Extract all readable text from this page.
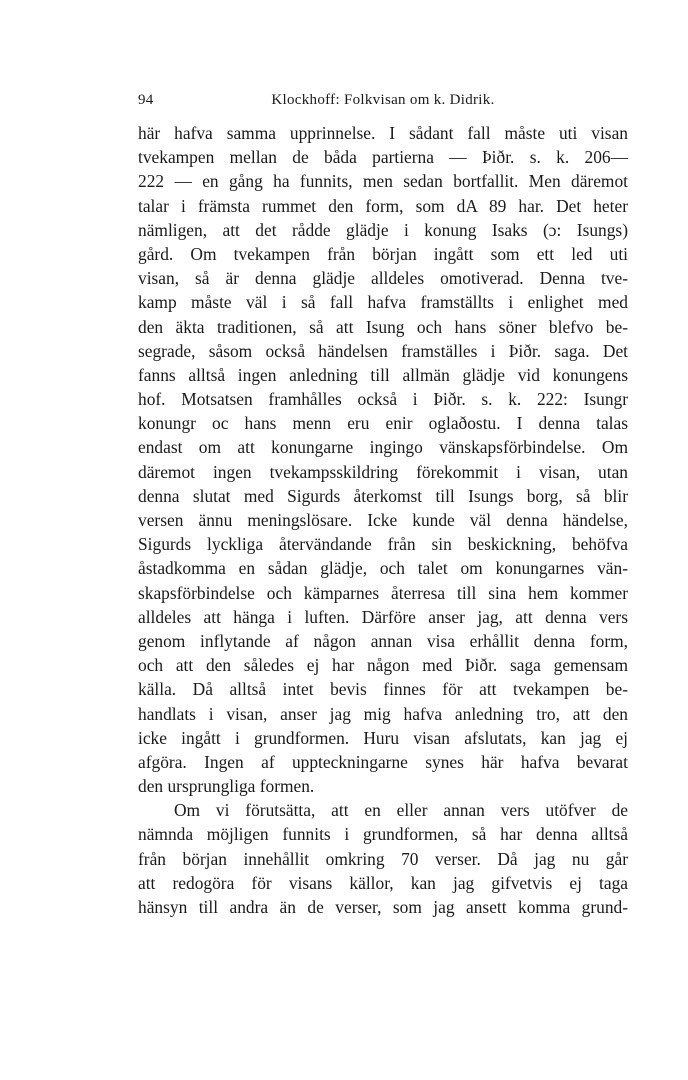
94	Klockhoff: Folkvisan om k. Didrik.
här hafva samma upprinnelse. I sådant fall måste uti visan
tvekampen mellan de båda partierna — Þiðr. s. k. 206—
222 — en gång ha funnits, men sedan bortfallit. Men däremot
talar i främsta rummet den form, som dA 89 har. Det heter
nämligen, att det rådde glädje i konung Isaks (ɔ: Isungs)
gård. Om tvekampen från början ingått som ett led uti
visan, så är denna glädje alldeles omotiverad. Denna tve-
kamp måste väl i så fall hafva framställts i enlighet med
den äkta traditionen, så att Isung och hans söner blefvo be-
segrade, såsom också händelsen framställes i Þiðr. saga. Det
fanns alltså ingen anledning till allmän glädje vid konungens
hof. Motsatsen framhålles också i Þiðr. s. k. 222: Isungr
konungr oc hans menn eru enir oglaðostu. I denna talas
endast om att konungarne ingingo vänskapsförbindelse. Om
däremot ingen tvekampsskildring förekommit i visan, utan
denna slutat med Sigurds återkomst till Isungs borg, så blir
versen ännu meningslösare. Icke kunde väl denna händelse,
Sigurds lyckliga återvändande från sin beskickning, behöfva
åstadkomma en sådan glädje, och talet om konungarnes vän-
skapsförbindelse och kämparnes återresa till sina hem kommer
alldeles att hänga i luften. Därföre anser jag, att denna vers
genom inflytande af någon annan visa erhållit denna form,
och att den således ej har någon med Þiðr. saga gemensam
källa. Då alltså intet bevis finnes för att tvekampen be-
handlats i visan, anser jag mig hafva anledning tro, att den
icke ingått i grundformen. Huru visan afslutats, kan jag ej
afgöra. Ingen af uppteckningarne synes här hafva bevarat
den ursprungliga formen.
Om vi förutsätta, att en eller annan vers utöfver de
nämnda möjligen funnits i grundformen, så har denna alltså
från början innehållit omkring 70 verser. Då jag nu går
att redogöra för visans källor, kan jag gifvetvis ej taga
hänsyn till andra än de verser, som jag ansett komma grund-
